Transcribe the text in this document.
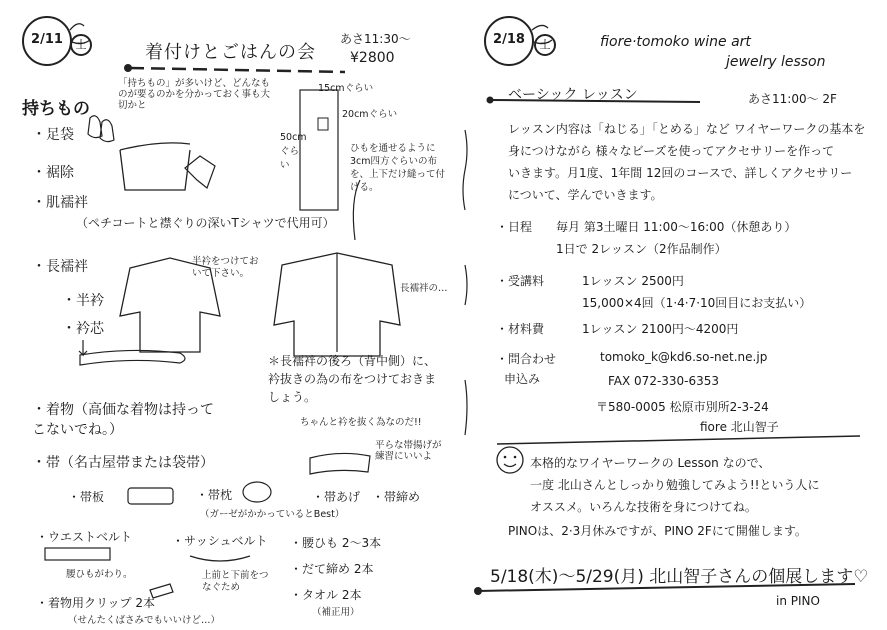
2/11	土	着付けとごはんの会
あさ11:30～
¥2800
持ちもの
「持ちもの」が多いけど、どんなものが要るのかを分かっておく事も大切かと
15cmぐらい
20cmぐらい
50cmぐらい
ひもを通せるように3cm四方ぐらいの布を、上下だけ縫って付ける。
・足袋
・裾除
・肌襦袢
（ペチコートと襟ぐりの深いTシャツで代用可）
・長襦袢
・半衿
・衿芯
半衿をつけておいて下さい。
長襦袢の…
＊長襦袢の後ろ（背中側）に、衿抜きの為の布をつけておきましょう。
ちゃんと衿を抜く為なのだ!!
・着物（高価な着物は持ってこないでね。）
・帯（名古屋帯または袋帯）
平らな帯揚げが練習にいいよ
・帯板	・帯枕
（ガーゼがかかっているとBest）
・帯あげ ・帯締め
・ウエストベルト
腰ひもがわり。
・サッシュベルト
上前と下前をつなぐため
・腰ひも 2～3本
・だて締め 2本
・タオル 2本
（補正用）
・着物用クリップ 2本
（せんたくばさみでもいいけど…）
2/18	土	fiore·tomoko wine art
jewelry lesson
ベーシック レッスン	あさ11:00～ 2F
レッスン内容は「ねじる」「とめる」など ワイヤーワークの基本を
身につけながら 様々なビーズを使ってアクセサリーを作って
いきます。月1度、1年間 12回のコースで、詳しくアクセサリー
について、学んでいきます。
・日程 毎月 第3土曜日 11:00～16:00（休憩あり）
1日で 2レッスン（2作品制作）
・受講料	1レッスン 2500円
15,000×4回（1·4·7·10回目にお支払い）
・材料費	1レッスン 2100円～4200円
・問合わせ
申込み
tomoko_k@kd6.so-net.ne.jp
FAX 072-330-6353
〒580-0005 松原市別所2-3-24
fiore 北山智子
本格的なワイヤーワークの Lesson なので、
一度 北山さんとしっかり勉強してみよう!!という人に
オススメ。いろんな技術を身につけてね。
PINOは、2·3月休みですが、PINO 2Fにて開催します。
5/18(木)～5/29(月) 北山智子さんの個展します♡
in PINO
